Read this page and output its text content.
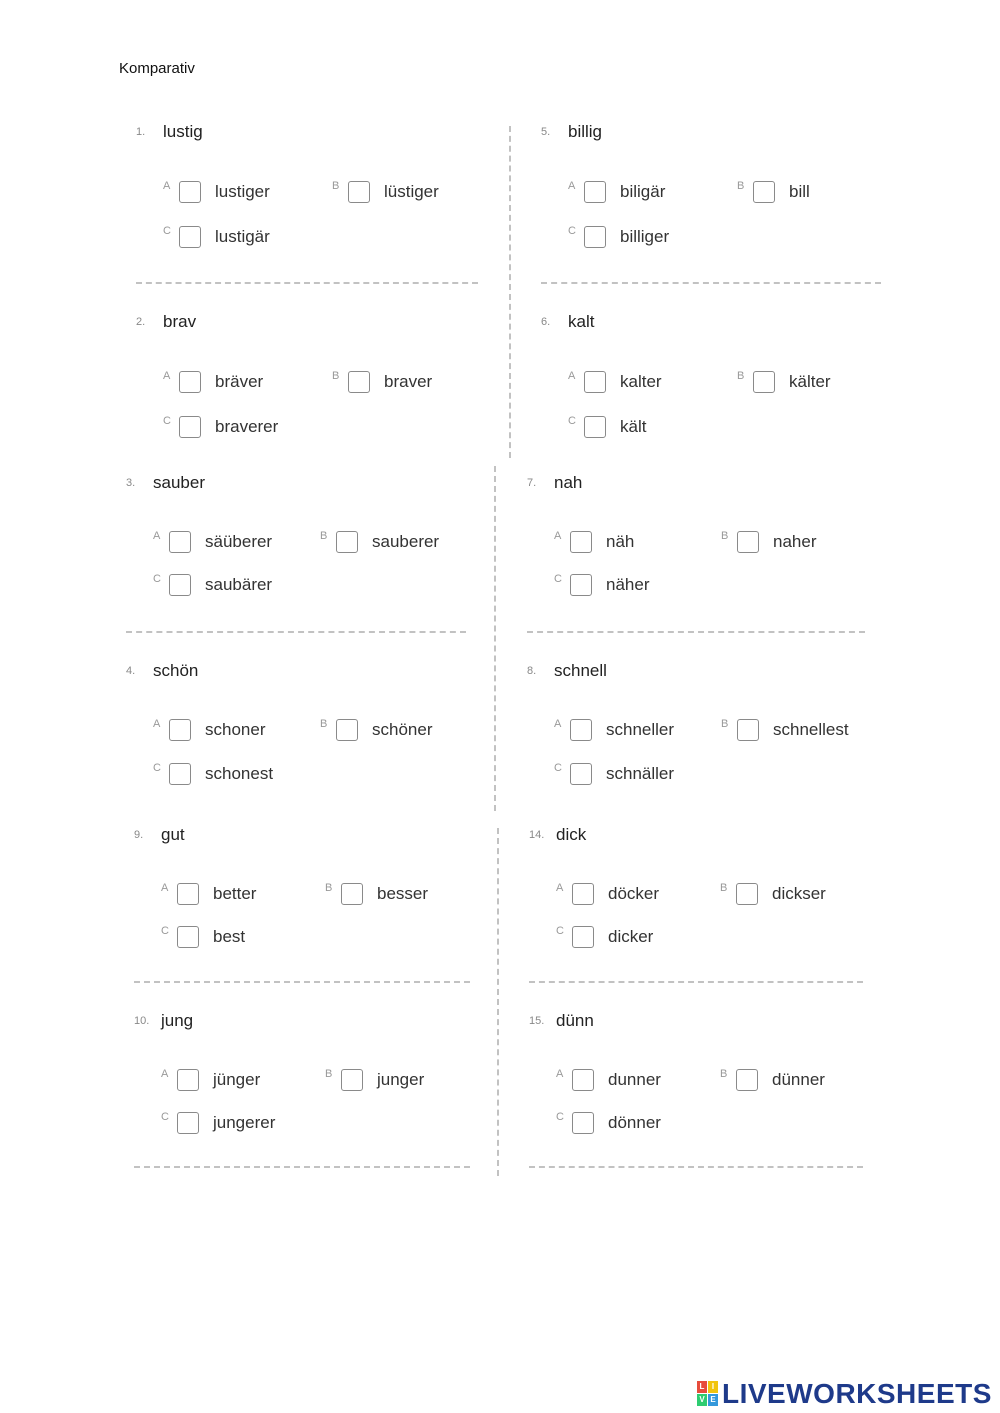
Komparativ
1. lustig
A	lustiger	B	lüstiger
C	lustigär
2. brav
A	bräver	B	braver
C	braverer
3. sauber
A	säüberer	B	sauberer
C	saubärer
4. schön
A	schoner	B	schöner
C	schonest
5. billig
A	biligär	B	bill
C	billiger
6. kalt
A	kalter	B	kälter
C	kält
7. nah
A	näh	B	naher
C	näher
8. schnell
A	schneller	B	schnellest
C	schnäller
9. gut
A	better	B	besser
C	best
10. jung
A	jünger	B	junger
C	jungerer
14. dick
A	döcker	B	dickser
C	dicker
15. dünn
A	dunner	B	dünner
C	dönner
L I
V E LIVEWORKSHEETS
